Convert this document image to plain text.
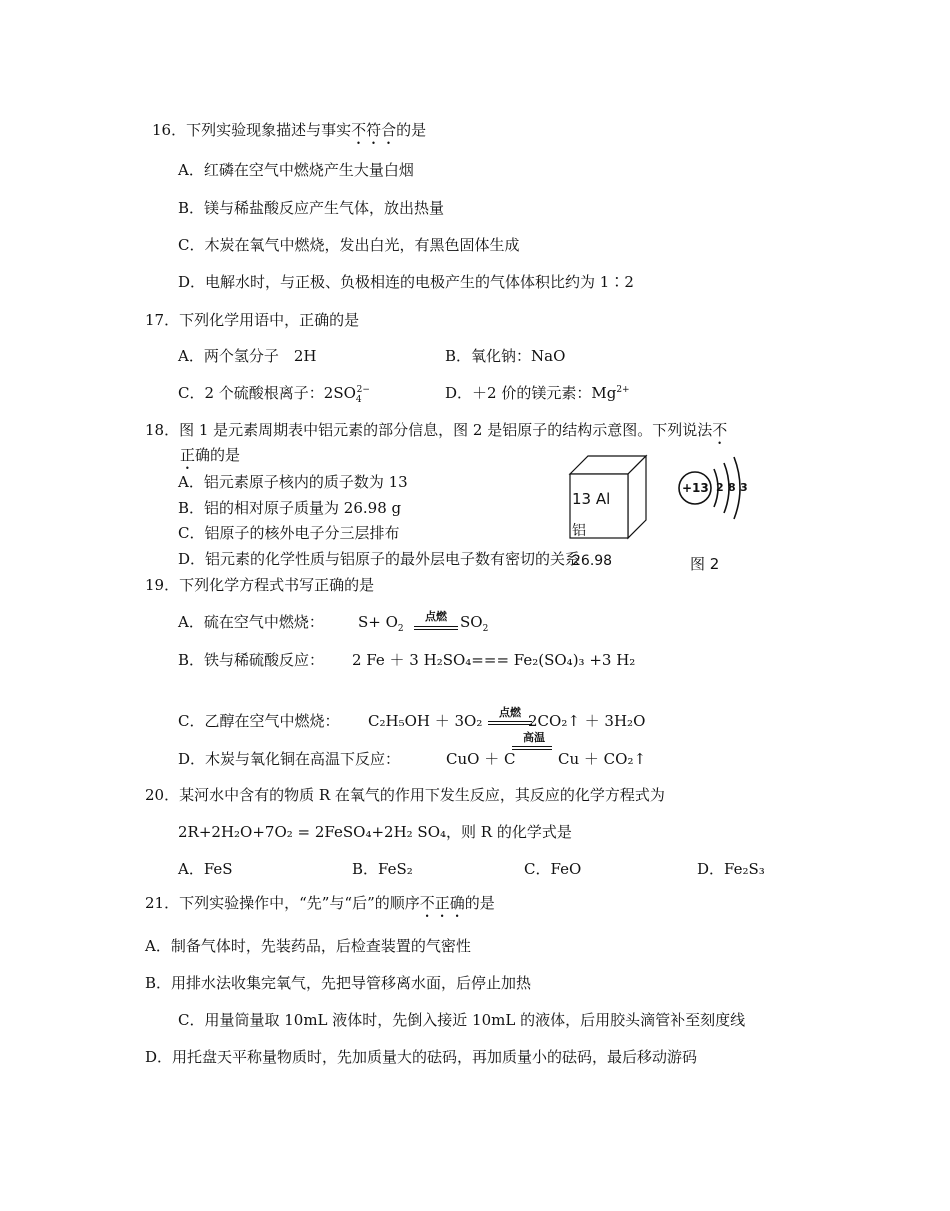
16．下列实验现象描述与事实不符合的是
A．红磷在空气中燃烧产生大量白烟
B．镁与稀盐酸反应产生气体，放出热量
C．木炭在氧气中燃烧，发出白光，有黑色固体生成
D．电解水时，与正极、负极相连的电极产生的气体体积比约为 1∶2
17．下列化学用语中，正确的是
A．两个氢分子　2H	B．氧化钠：NaO
C．2 个硫酸根离子：$2SO_4^{2-}$	D．＋2 价的镁元素：$Mg^{2+}$
18．图 1 是元素周期表中铝元素的部分信息，图 2 是铝原子的结构示意图。下列说法不
正确的是
A．铝元素原子核内的质子数为 13
B．铝的相对原子质量为 26.98 g
C．铝原子的核外电子分三层排布
D．铝元素的化学性质与铝原子的最外层电子数有密切的关系
13 Al
铝
26.98
+13 2 8 3
图 2
19．下列化学方程式书写正确的是
A．硫在空气中燃烧： $S+ O_2$
点燃 $SO_2$
B．铁与稀硫酸反应： 2 Fe ＋ 3 H₂SO₄=== Fe₂(SO₄)₃ +3 H₂
C．乙醇在空气中燃烧： C₂H₅OH ＋ 3O₂	点燃 2CO₂↑ ＋ 3H₂O
高温
D．木炭与氧化铜在高温下反应：	CuO ＋ C	Cu ＋ CO₂↑
20．某河水中含有的物质 R 在氧气的作用下发生反应，其反应的化学方程式为
2R+2H₂O+7O₂ = 2FeSO₄+2H₂ SO₄，则 R 的化学式是
A．FeS	B．FeS₂	C．FeO	D．Fe₂S₃
21．下列实验操作中，“先”与“后”的顺序不正确的是
A．制备气体时，先装药品，后检查装置的气密性
B．用排水法收集完氧气，先把导管移离水面，后停止加热
C．用量筒量取 10mL 液体时，先倒入接近 10mL 的液体，后用胶头滴管补至刻度线
D．用托盘天平称量物质时，先加质量大的砝码，再加质量小的砝码，最后移动游码
